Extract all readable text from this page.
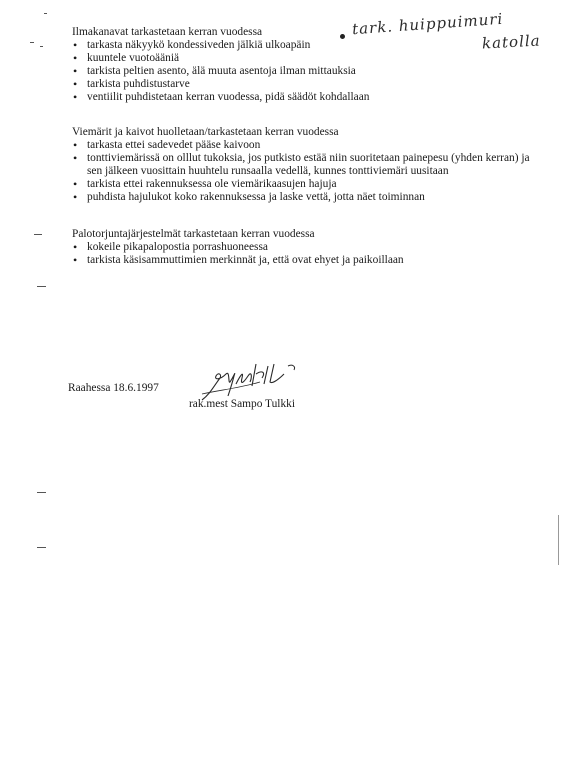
Ilmakanavat tarkastetaan kerran vuodessa

• tarkasta näkyykö kondessiveden jälkiä ulkoapäin
• kuuntele vuotoääniä
• tarkista peltien asento, älä muuta asentoja ilman mittauksia
• tarkista puhdistustarve
• ventiilit puhdistetaan kerran vuodessa, pidä säädöt kohdallaan

Viemärit ja kaivot huolletaan/tarkastetaan kerran vuodessa

• tarkasta ettei sadevedet pääse kaivoon
• tonttiviemärissä on olllut tukoksia, jos putkisto estää niin suoritetaan painepesu (yhden kerran) ja sen jälkeen vuosittain huuhtelu runsaalla vedellä, kunnes tonttiviemäri uusitaan
• tarkista ettei rakennuksessa ole viemärikaasujen hajuja
• puhdista hajulukot koko rakennuksessa ja laske vettä, jotta näet toiminnan

Palotorjuntajärjestelmät tarkastetaan kerran vuodessa

• kokeile pikapalopostia porrashuoneessa
• tarkista käsisammuttimien merkinnät ja, että ovat ehyet ja paikoillaan
tark. huippuimuri
katolla
Raahessa 18.6.1997
rak.mest Sampo Tulkki
